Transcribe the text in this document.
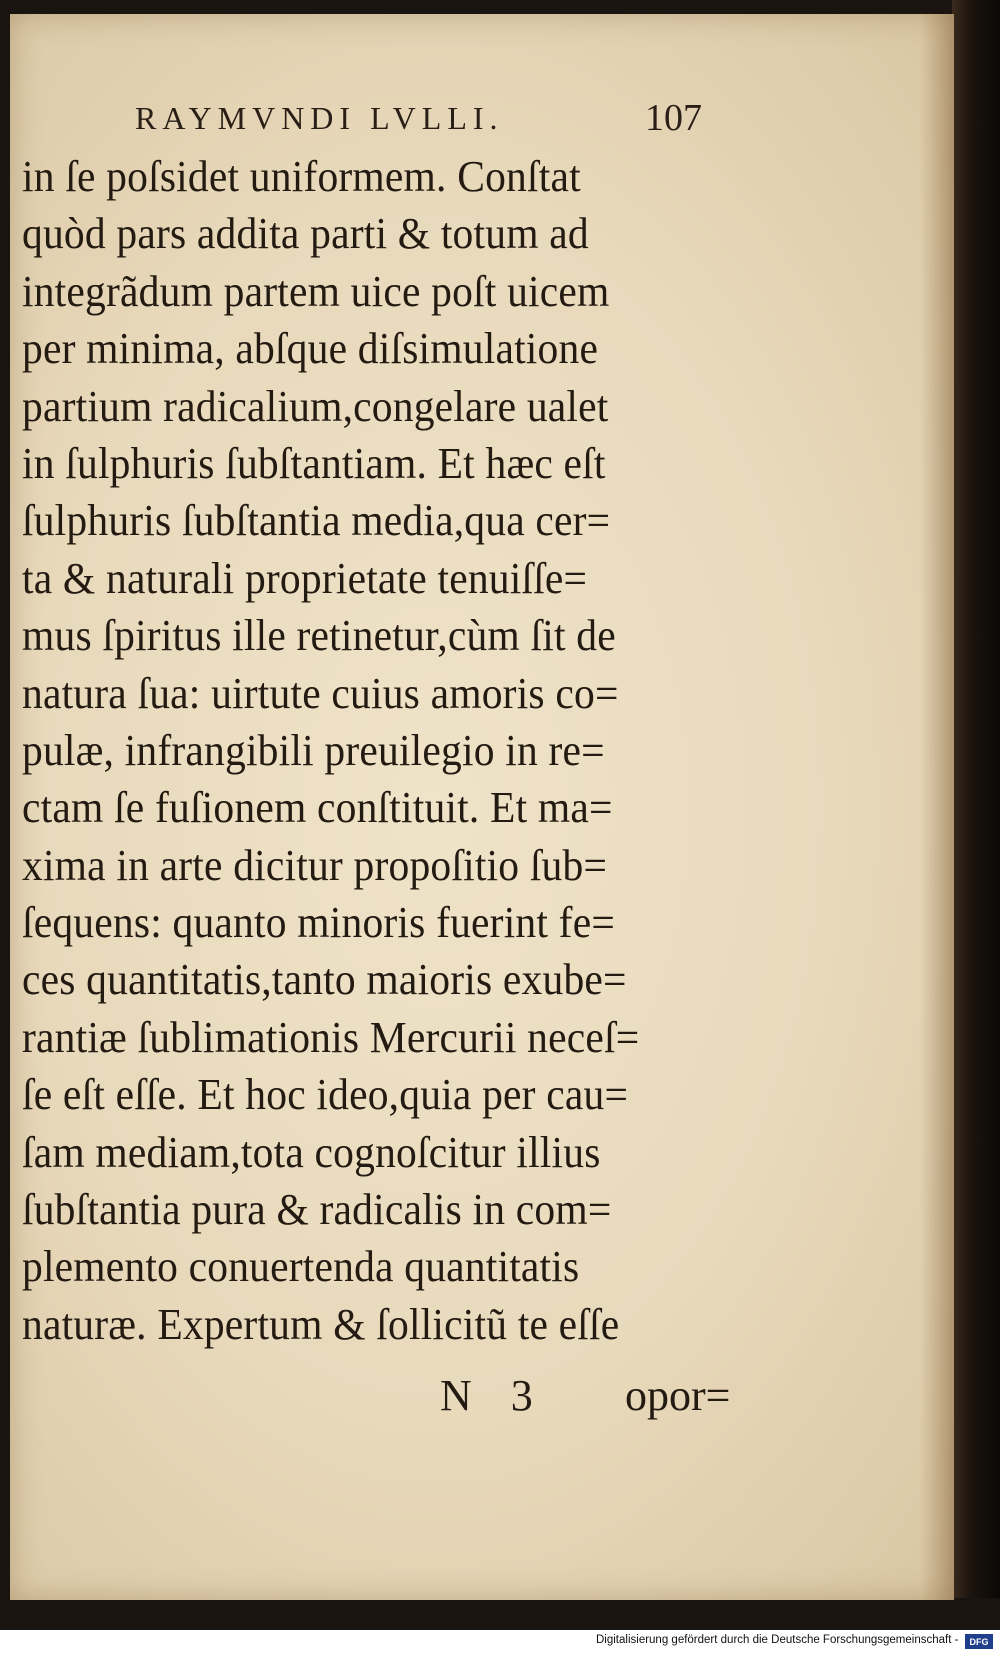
RAYMVNDI LVLLI.	107
in ſe poſsidet uniformem. Conſtat
quòd pars addita parti & totum ad
integrãdum partem uice poſt uicem
per minima, abſque diſsimulatione
partium radicalium,congelare ualet
in ſulphuris ſubſtantiam. Et hæc eſt
ſulphuris ſubſtantia media,qua cer=
ta & naturali proprietate tenuiſſe=
mus ſpiritus ille retinetur,cùm ſit de
natura ſua: uirtute cuius amoris co=
pulæ, infrangibili preuilegio in re=
ctam ſe fuſionem conſtituit. Et ma=
xima in arte dicitur propoſitio ſub=
ſequens: quanto minoris fuerint fe=
ces quantitatis,tanto maioris exube=
rantiæ ſublimationis Mercurii neceſ=
ſe eſt eſſe. Et hoc ideo,quia per cau=
ſam mediam,tota cognoſcitur illius
ſubſtantia pura & radicalis in com=
plemento conuertenda quantitatis
naturæ. Expertum & ſollicitũ te eſſe
N 3 opor=
Digitalisierung gefördert durch die Deutsche Forschungsgemeinschaft -	DFG
